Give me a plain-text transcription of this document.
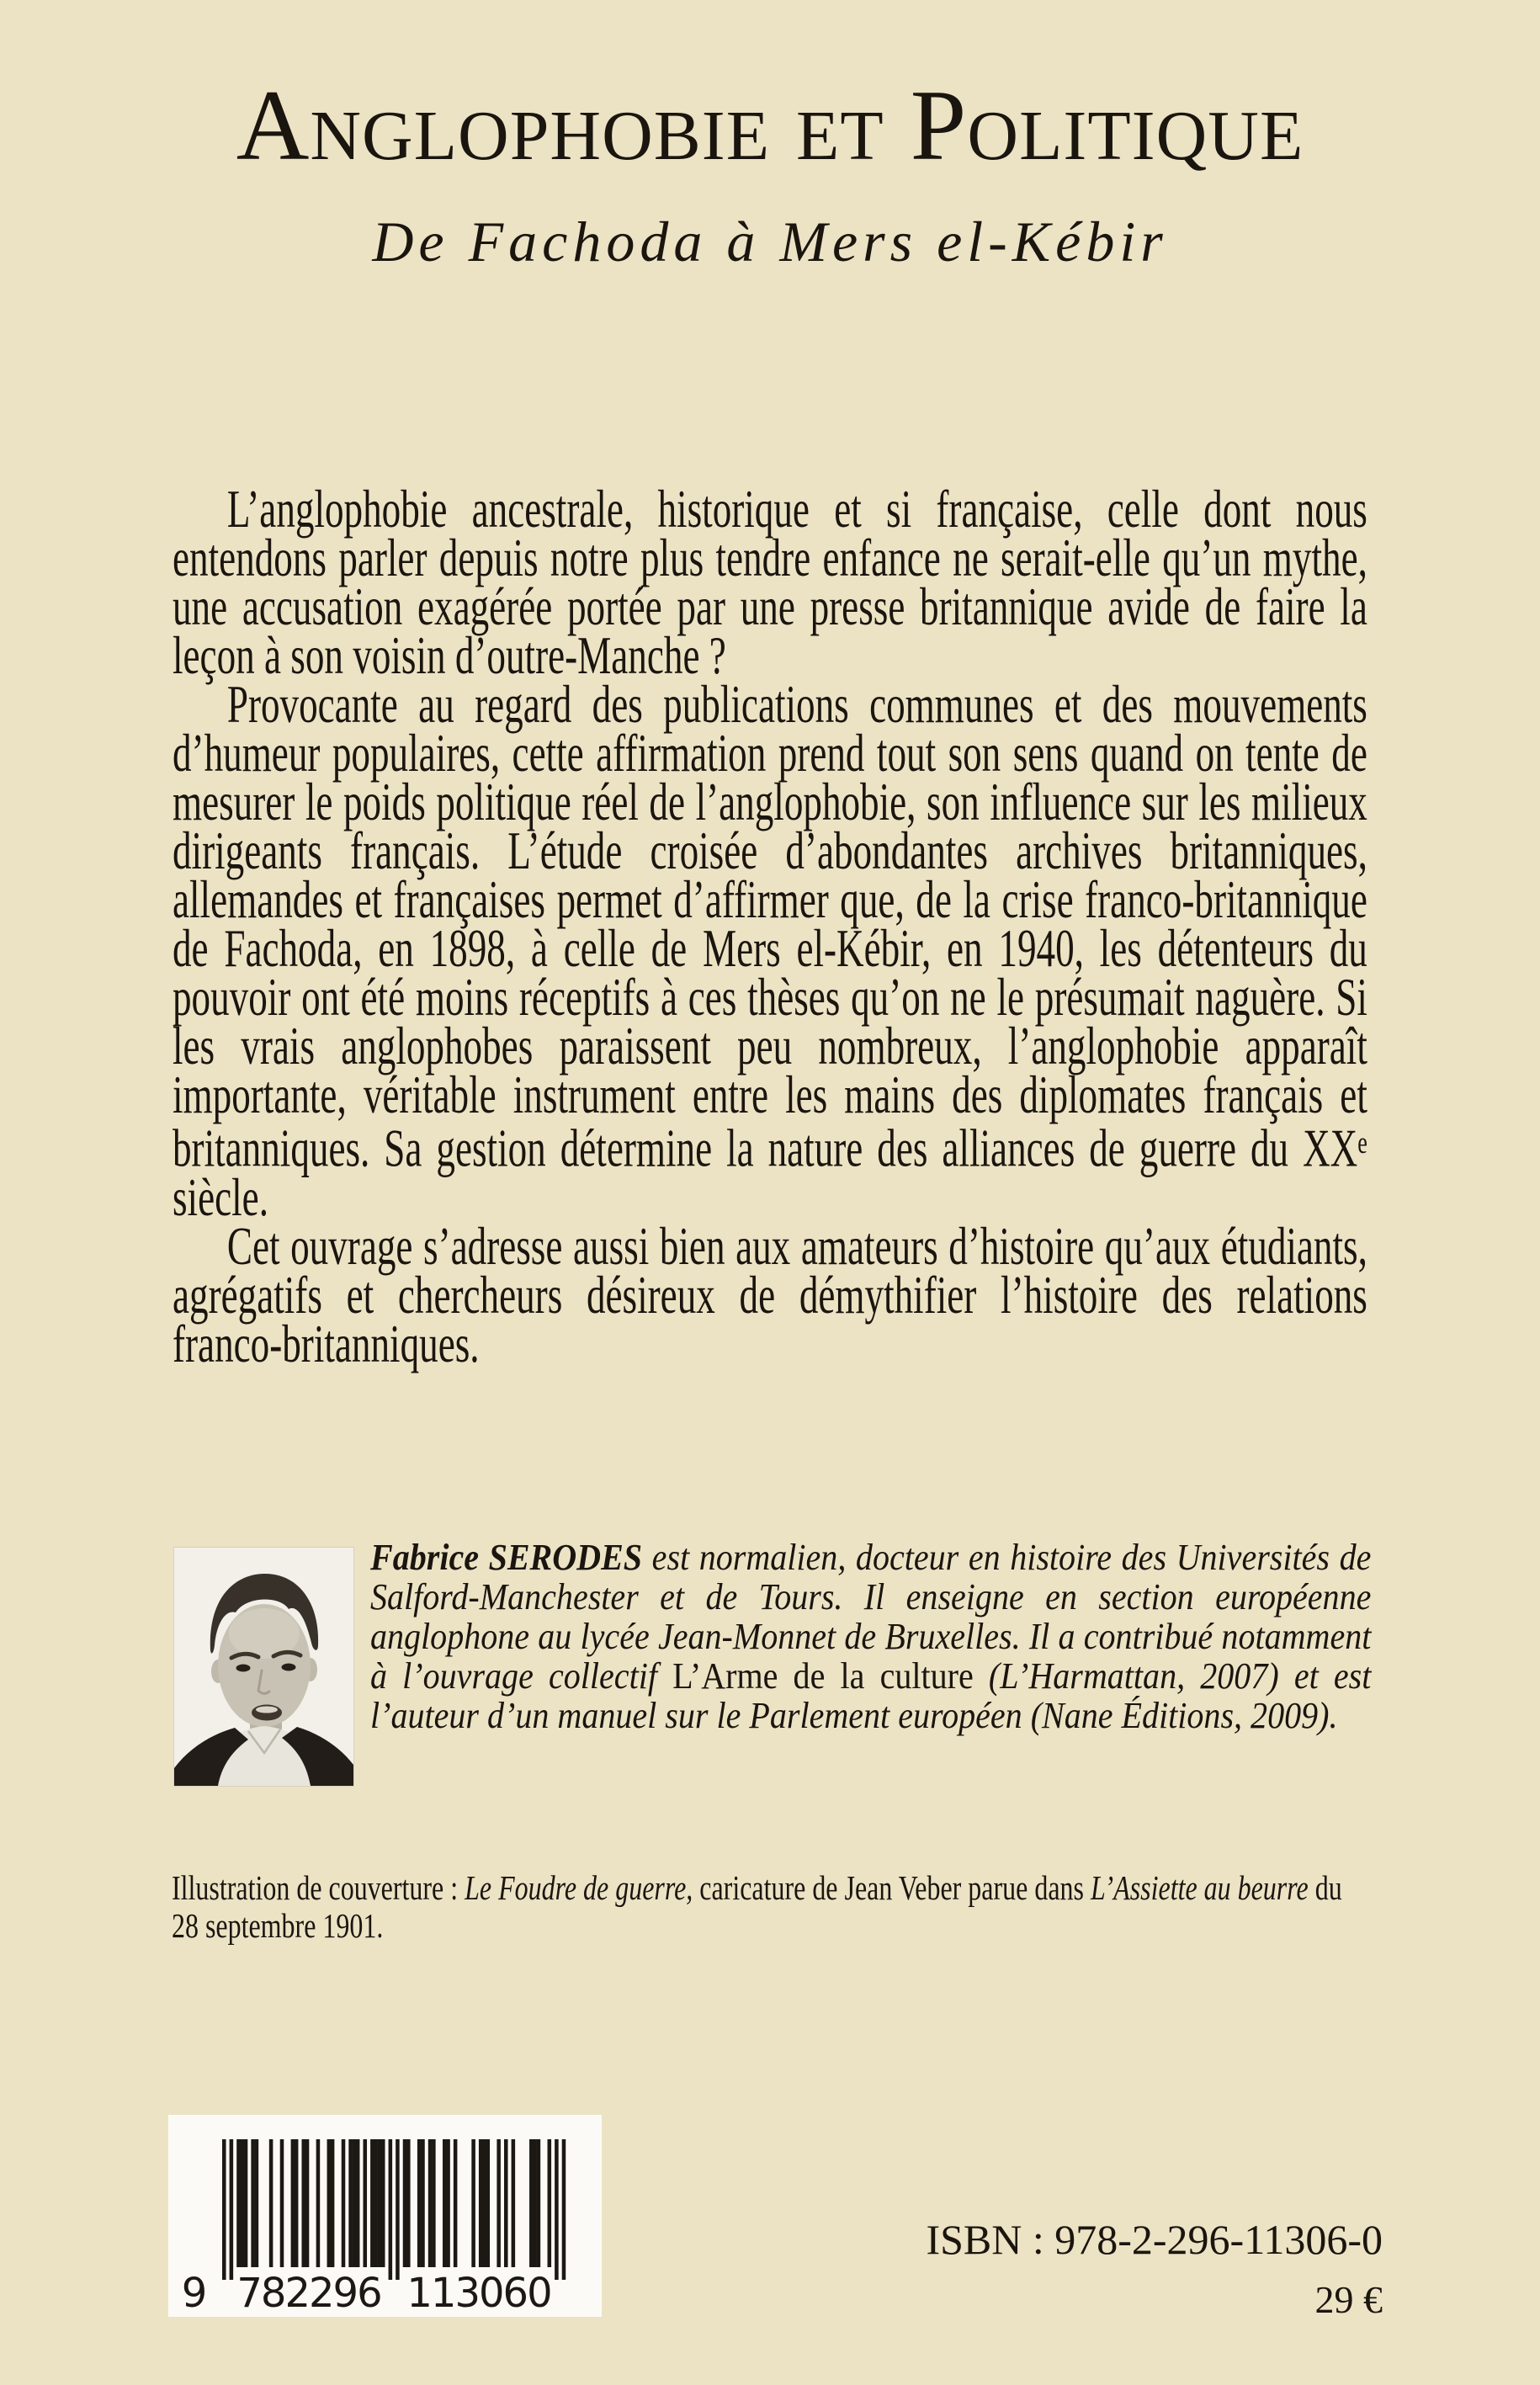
Anglophobie et Politique
De Fachoda à Mers el-Kébir

L’anglophobie ancestrale, historique et si française, celle dont nous entendons parler depuis notre plus tendre enfance ne serait-elle qu’un mythe, une accusation exagérée portée par une presse britannique avide de faire la leçon à son voisin d’outre-Manche ?

Provocante au regard des publications communes et des mouvements d’humeur populaires, cette affirmation prend tout son sens quand on tente de mesurer le poids politique réel de l’anglophobie, son influence sur les milieux dirigeants français. L’étude croisée d’abondantes archives britanniques, allemandes et françaises permet d’affirmer que, de la crise franco-britannique de Fachoda, en 1898, à celle de Mers el-Kébir, en 1940, les détenteurs du pouvoir ont été moins réceptifs à ces thèses qu’on ne le présumait naguère. Si les vrais anglophobes paraissent peu nombreux, l’anglophobie apparaît importante, véritable instrument entre les mains des diplomates français et britanniques. Sa gestion détermine la nature des alliances de guerre du XXe siècle.

Cet ouvrage s’adresse aussi bien aux amateurs d’histoire qu’aux étudiants, agrégatifs et chercheurs désireux de démythifier l’histoire des relations franco-britanniques.

Fabrice SERODES est normalien, docteur en histoire des Universités de Salford-Manchester et de Tours. Il enseigne en section européenne anglophone au lycée Jean-Monnet de Bruxelles. Il a contribué notamment à l’ouvrage collectif L’Arme de la culture (L’Harmattan, 2007) et est l’auteur d’un manuel sur le Parlement européen (Nane Éditions, 2009).

Illustration de couverture : Le Foudre de guerre, caricature de Jean Veber parue dans L’Assiette au beurre du 28 septembre 1901.

9 782296 113060
ISBN : 978-2-296-11306-0
29 €
